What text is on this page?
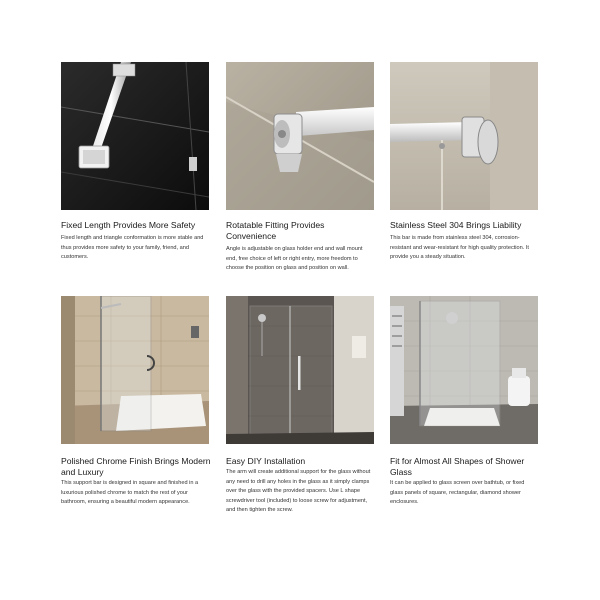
Fixed Length Provides More Safety
Fixed length and triangle conformation is more stable and thus provides more safety to your family, friend, and customers.
Rotatable Fitting Provides Convenience
Angle is adjustable on glass holder end and wall mount end, free choice of left or right entry, more freedom to choose the position on glass and position on wall.
Stainless Steel 304 Brings Liability
This bar is made from stainless steel 304, corrosion-resistant and wear-resistant for high quality protection. It provide you a steady situation.
Polished Chrome Finish Brings Modern and Luxury
This support bar is designed in square and finished in a luxurious polished chrome to match the rest of your bathroom, ensuring a beautiful modern appearance.
Easy DIY Installation
The arm will create additional support for the glass without any need to drill any holes in the glass as it simply clamps over the glass with the provided spacers. Use L shape screwdriver tool (included) to loose screw for adjustment, and then tighten the screw.
Fit for Almost All Shapes of Shower Glass
It can be applied to glass screen over bathtub, or fixed glass panels of square, rectangular, diamond shower enclosures.
